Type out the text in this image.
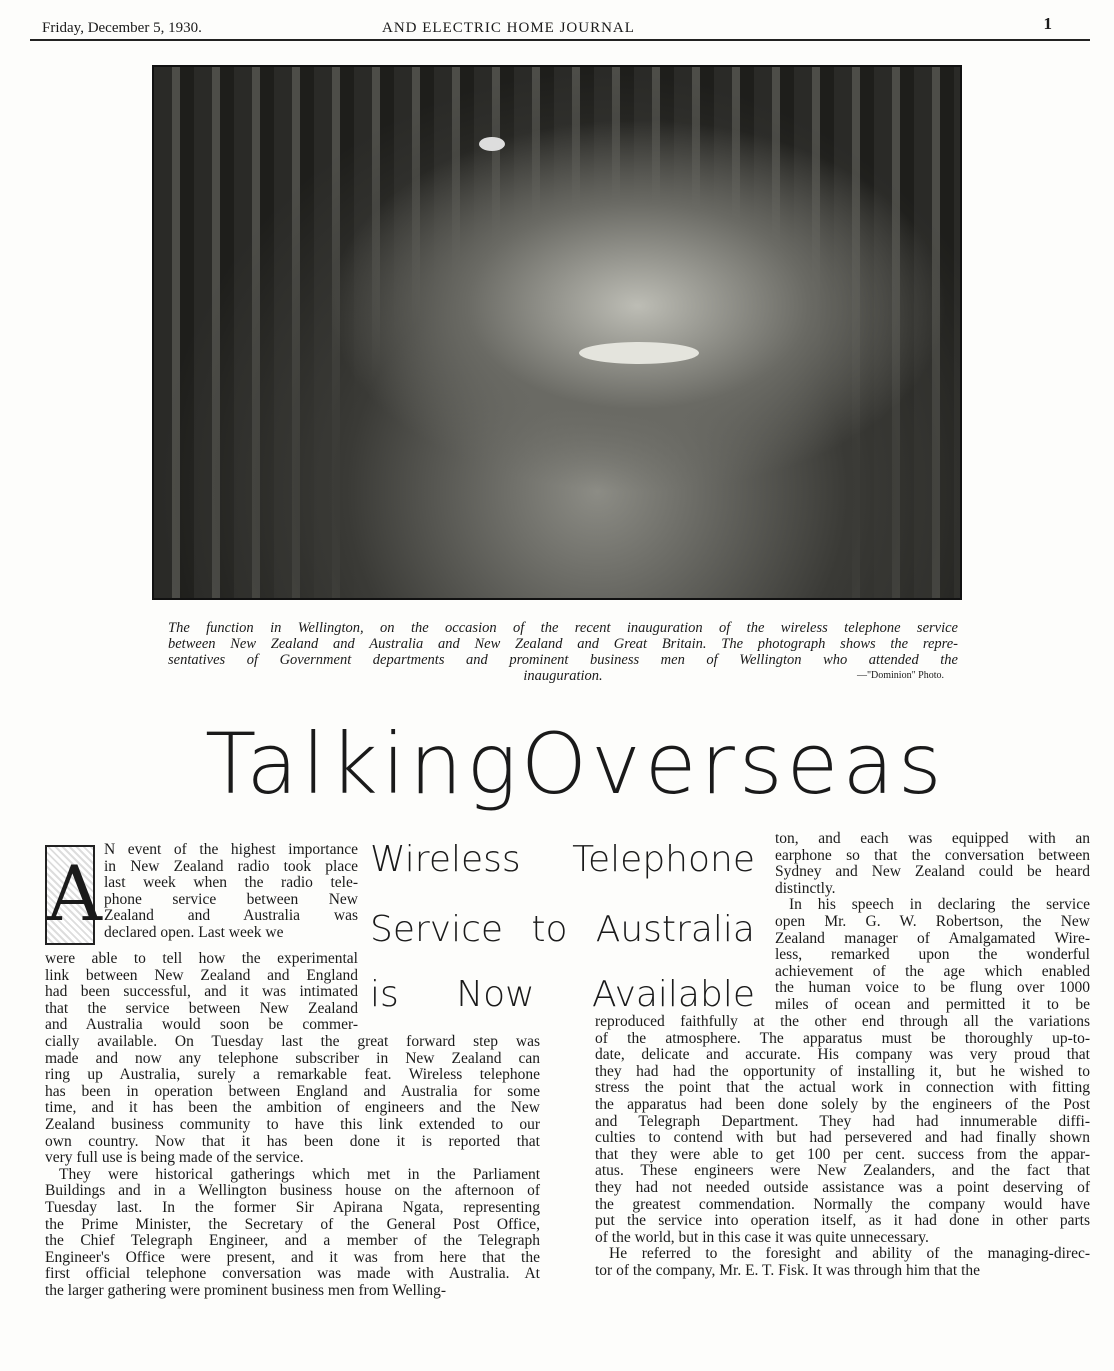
Friday, December 5, 1930.	AND ELECTRIC HOME JOURNAL	1
The function in Wellington, on the occasion of the recent inauguration of the wireless telephone service
between New Zealand and Australia and New Zealand and Great Britain. The photograph shows the repre-
sentatives of Government departments and prominent business men of Wellington who attended the
inauguration.	—"Dominion" Photo.
Talking Overseas
Wireless Telephone
Service to Australia
is Now Available
A N event of the highest importance
in New Zealand radio took place
last week when the radio tele-
phone service between New
Zealand and Australia was
declared open. Last week we
were able to tell how the experimental
link between New Zealand and England
had been successful, and it was intimated
that the service between New Zealand
and Australia would soon be commer-
cially available. On Tuesday last the great forward step was
made and now any telephone subscriber in New Zealand can
ring up Australia, surely a remarkable feat. Wireless telephone
has been in operation between England and Australia for some
time, and it has been the ambition of engineers and the New
Zealand business community to have this link extended to our
own country. Now that it has been done it is reported that
very full use is being made of the service.
They were historical gatherings which met in the Parliament
Buildings and in a Wellington business house on the afternoon of
Tuesday last. In the former Sir Apirana Ngata, representing
the Prime Minister, the Secretary of the General Post Office,
the Chief Telegraph Engineer, and a member of the Telegraph
Engineer's Office were present, and it was from here that the
first official telephone conversation was made with Australia. At
the larger gathering were prominent business men from Welling-
ton, and each was equipped with an
earphone so that the conversation between
Sydney and New Zealand could be heard
distinctly.
In his speech in declaring the service
open Mr. G. W. Robertson, the New
Zealand manager of Amalgamated Wire-
less, remarked upon the wonderful
achievement of the age which enabled
the human voice to be flung over 1000
miles of ocean and permitted it to be
reproduced faithfully at the other end through all the variations
of the atmosphere. The apparatus must be thoroughly up-to-
date, delicate and accurate. His company was very proud that
they had had the opportunity of installing it, but he wished to
stress the point that the actual work in connection with fitting
the apparatus had been done solely by the engineers of the Post
and Telegraph Department. They had had innumerable diffi-
culties to contend with but had persevered and had finally shown
that they were able to get 100 per cent. success from the appar-
atus. These engineers were New Zealanders, and the fact that
they had not needed outside assistance was a point deserving of
the greatest commendation. Normally the company would have
put the service into operation itself, as it had done in other parts
of the world, but in this case it was quite unnecessary.
He referred to the foresight and ability of the managing-direc-
tor of the company, Mr. E. T. Fisk. It was through him that the
